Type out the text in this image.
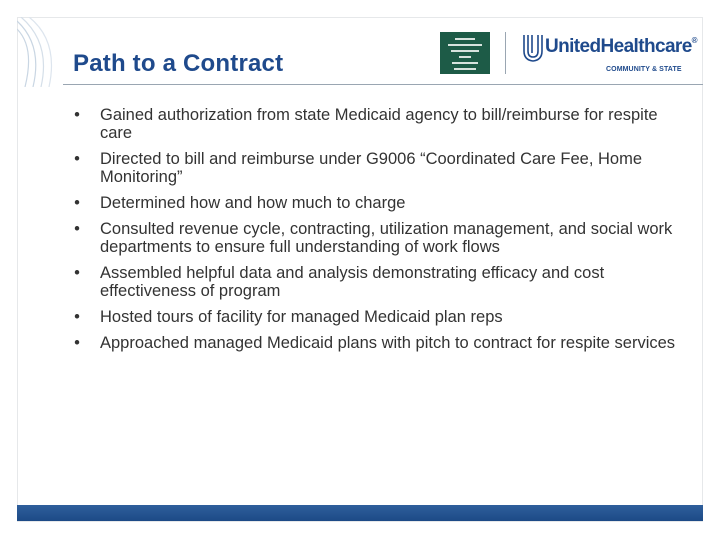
Path to a Contract
UnitedHealthcare®
COMMUNITY & STATE
• Gained authorization from state Medicaid agency to bill/reimburse for respite care
• Directed to bill and reimburse under G9006 “Coordinated Care Fee, Home Monitoring”
• Determined how and how much to charge
• Consulted revenue cycle, contracting, utilization management, and social work departments to ensure full understanding of work flows
• Assembled helpful data and analysis demonstrating efficacy and cost effectiveness of program
• Hosted tours of facility for managed Medicaid plan reps
• Approached managed Medicaid plans with pitch to contract for respite services
